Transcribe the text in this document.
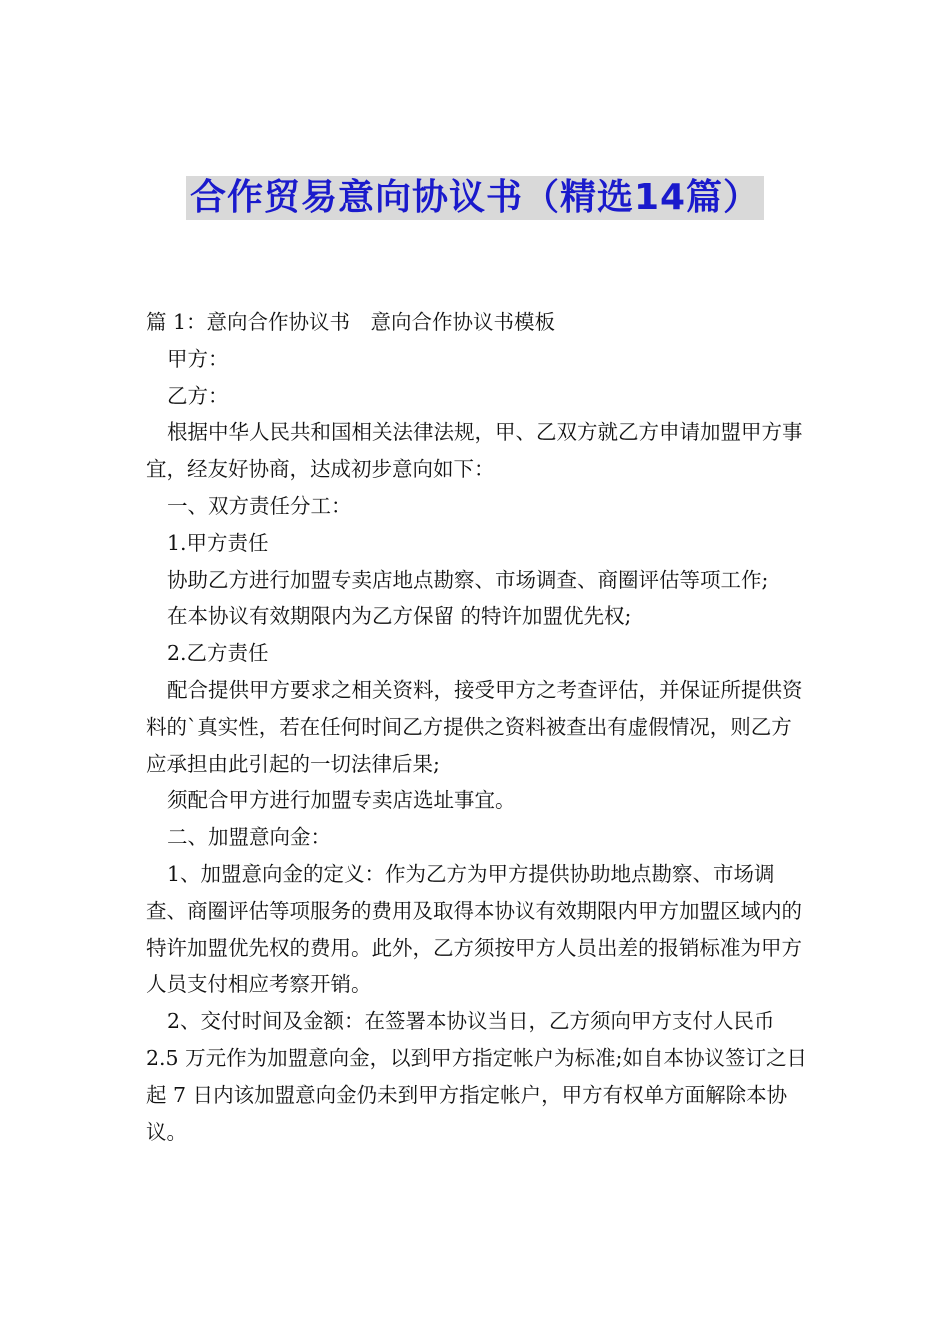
合作贸易意向协议书（精选14篇）

篇 1：意向合作协议书　意向合作协议书模板

甲方：

乙方：

根据中华人民共和国相关法律法规，甲、乙双方就乙方申请加盟甲方事宜，经友好协商，达成初步意向如下：

一、双方责任分工：

1.甲方责任

协助乙方进行加盟专卖店地点勘察、市场调查、商圈评估等项工作;

在本协议有效期限内为乙方保留 的特许加盟优先权;

2.乙方责任

配合提供甲方要求之相关资料，接受甲方之考查评估，并保证所提供资料的`真实性，若在任何时间乙方提供之资料被查出有虚假情况，则乙方应承担由此引起的一切法律后果;

须配合甲方进行加盟专卖店选址事宜。

二、加盟意向金：

1、加盟意向金的定义：作为乙方为甲方提供协助地点勘察、市场调查、商圈评估等项服务的费用及取得本协议有效期限内甲方加盟区域内的特许加盟优先权的费用。此外，乙方须按甲方人员出差的报销标准为甲方人员支付相应考察开销。

2、交付时间及金额：在签署本协议当日，乙方须向甲方支付人民币 2.5 万元作为加盟意向金，以到甲方指定帐户为标准;如自本协议签订之日起 7 日内该加盟意向金仍未到甲方指定帐户，甲方有权单方面解除本协议。
